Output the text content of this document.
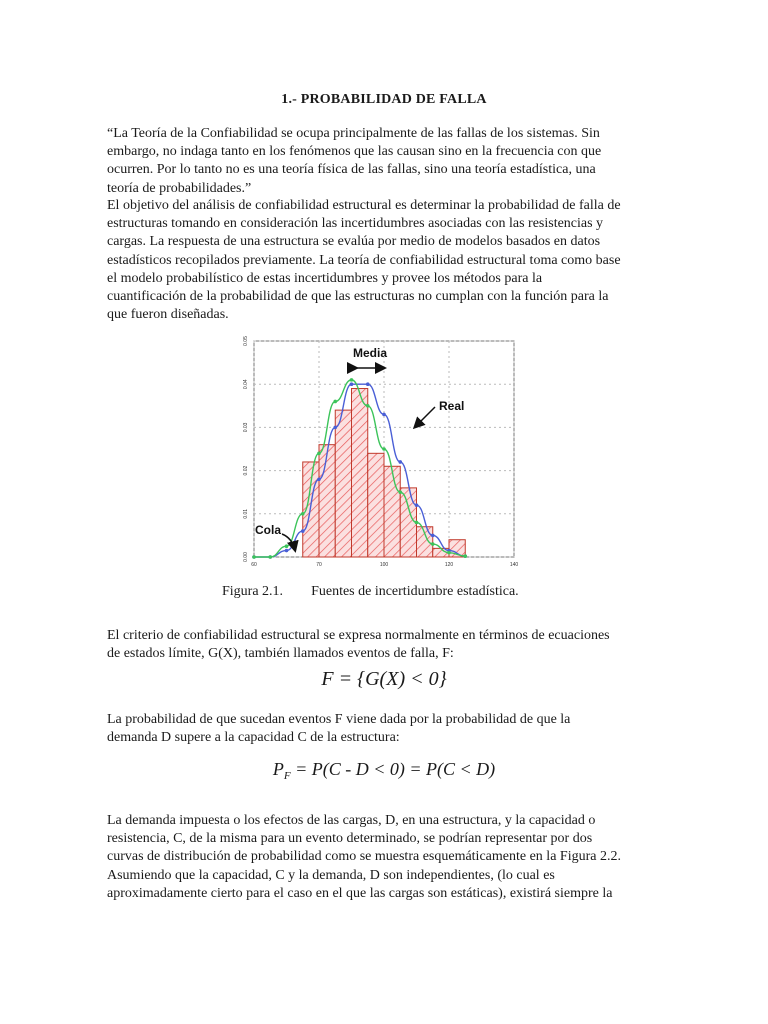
1.- PROBABILIDAD DE FALLA
“La Teoría de la Confiabilidad se ocupa principalmente de las fallas de los sistemas. Sin
embargo, no indaga tanto en los fenómenos que las causan sino en la frecuencia con que
ocurren. Por lo tanto no es una teoría física de las fallas, sino una teoría estadística, una
teoría de probabilidades.”
El objetivo del análisis de confiabilidad estructural es determinar la probabilidad de falla de
estructuras tomando en consideración las incertidumbres asociadas con las resistencias y
cargas. La respuesta de una estructura se evalúa por medio de modelos basados en datos
estadísticos recopilados previamente. La teoría de confiabilidad estructural toma como base
el modelo probabilístico de estas incertidumbres y provee los métodos para la
cuantificación de la probabilidad de que las estructuras no cumplan con la función para la
que fueron diseñadas.
0.00
0.01
0.02
0.03
0.04
0.05
60	70	100	120	140
Media
Real
Cola
Figura 2.1. Fuentes de incertidumbre estadística.
El criterio de confiabilidad estructural se expresa normalmente en términos de ecuaciones
de estados límite, G(X), también llamados eventos de falla, F:
F = {G(X) < 0}
La probabilidad de que sucedan eventos F viene dada por la probabilidad de que la
demanda D supere a la capacidad C de la estructura:
$P_F = P(C - D < 0) = P(C < D)$
La demanda impuesta o los efectos de las cargas, D, en una estructura, y la capacidad o
resistencia, C, de la misma para un evento determinado, se podrían representar por dos
curvas de distribución de probabilidad como se muestra esquemáticamente en la Figura 2.2.
Asumiendo que la capacidad, C y la demanda, D son independientes, (lo cual es
aproximadamente cierto para el caso en el que las cargas son estáticas), existirá siempre la
